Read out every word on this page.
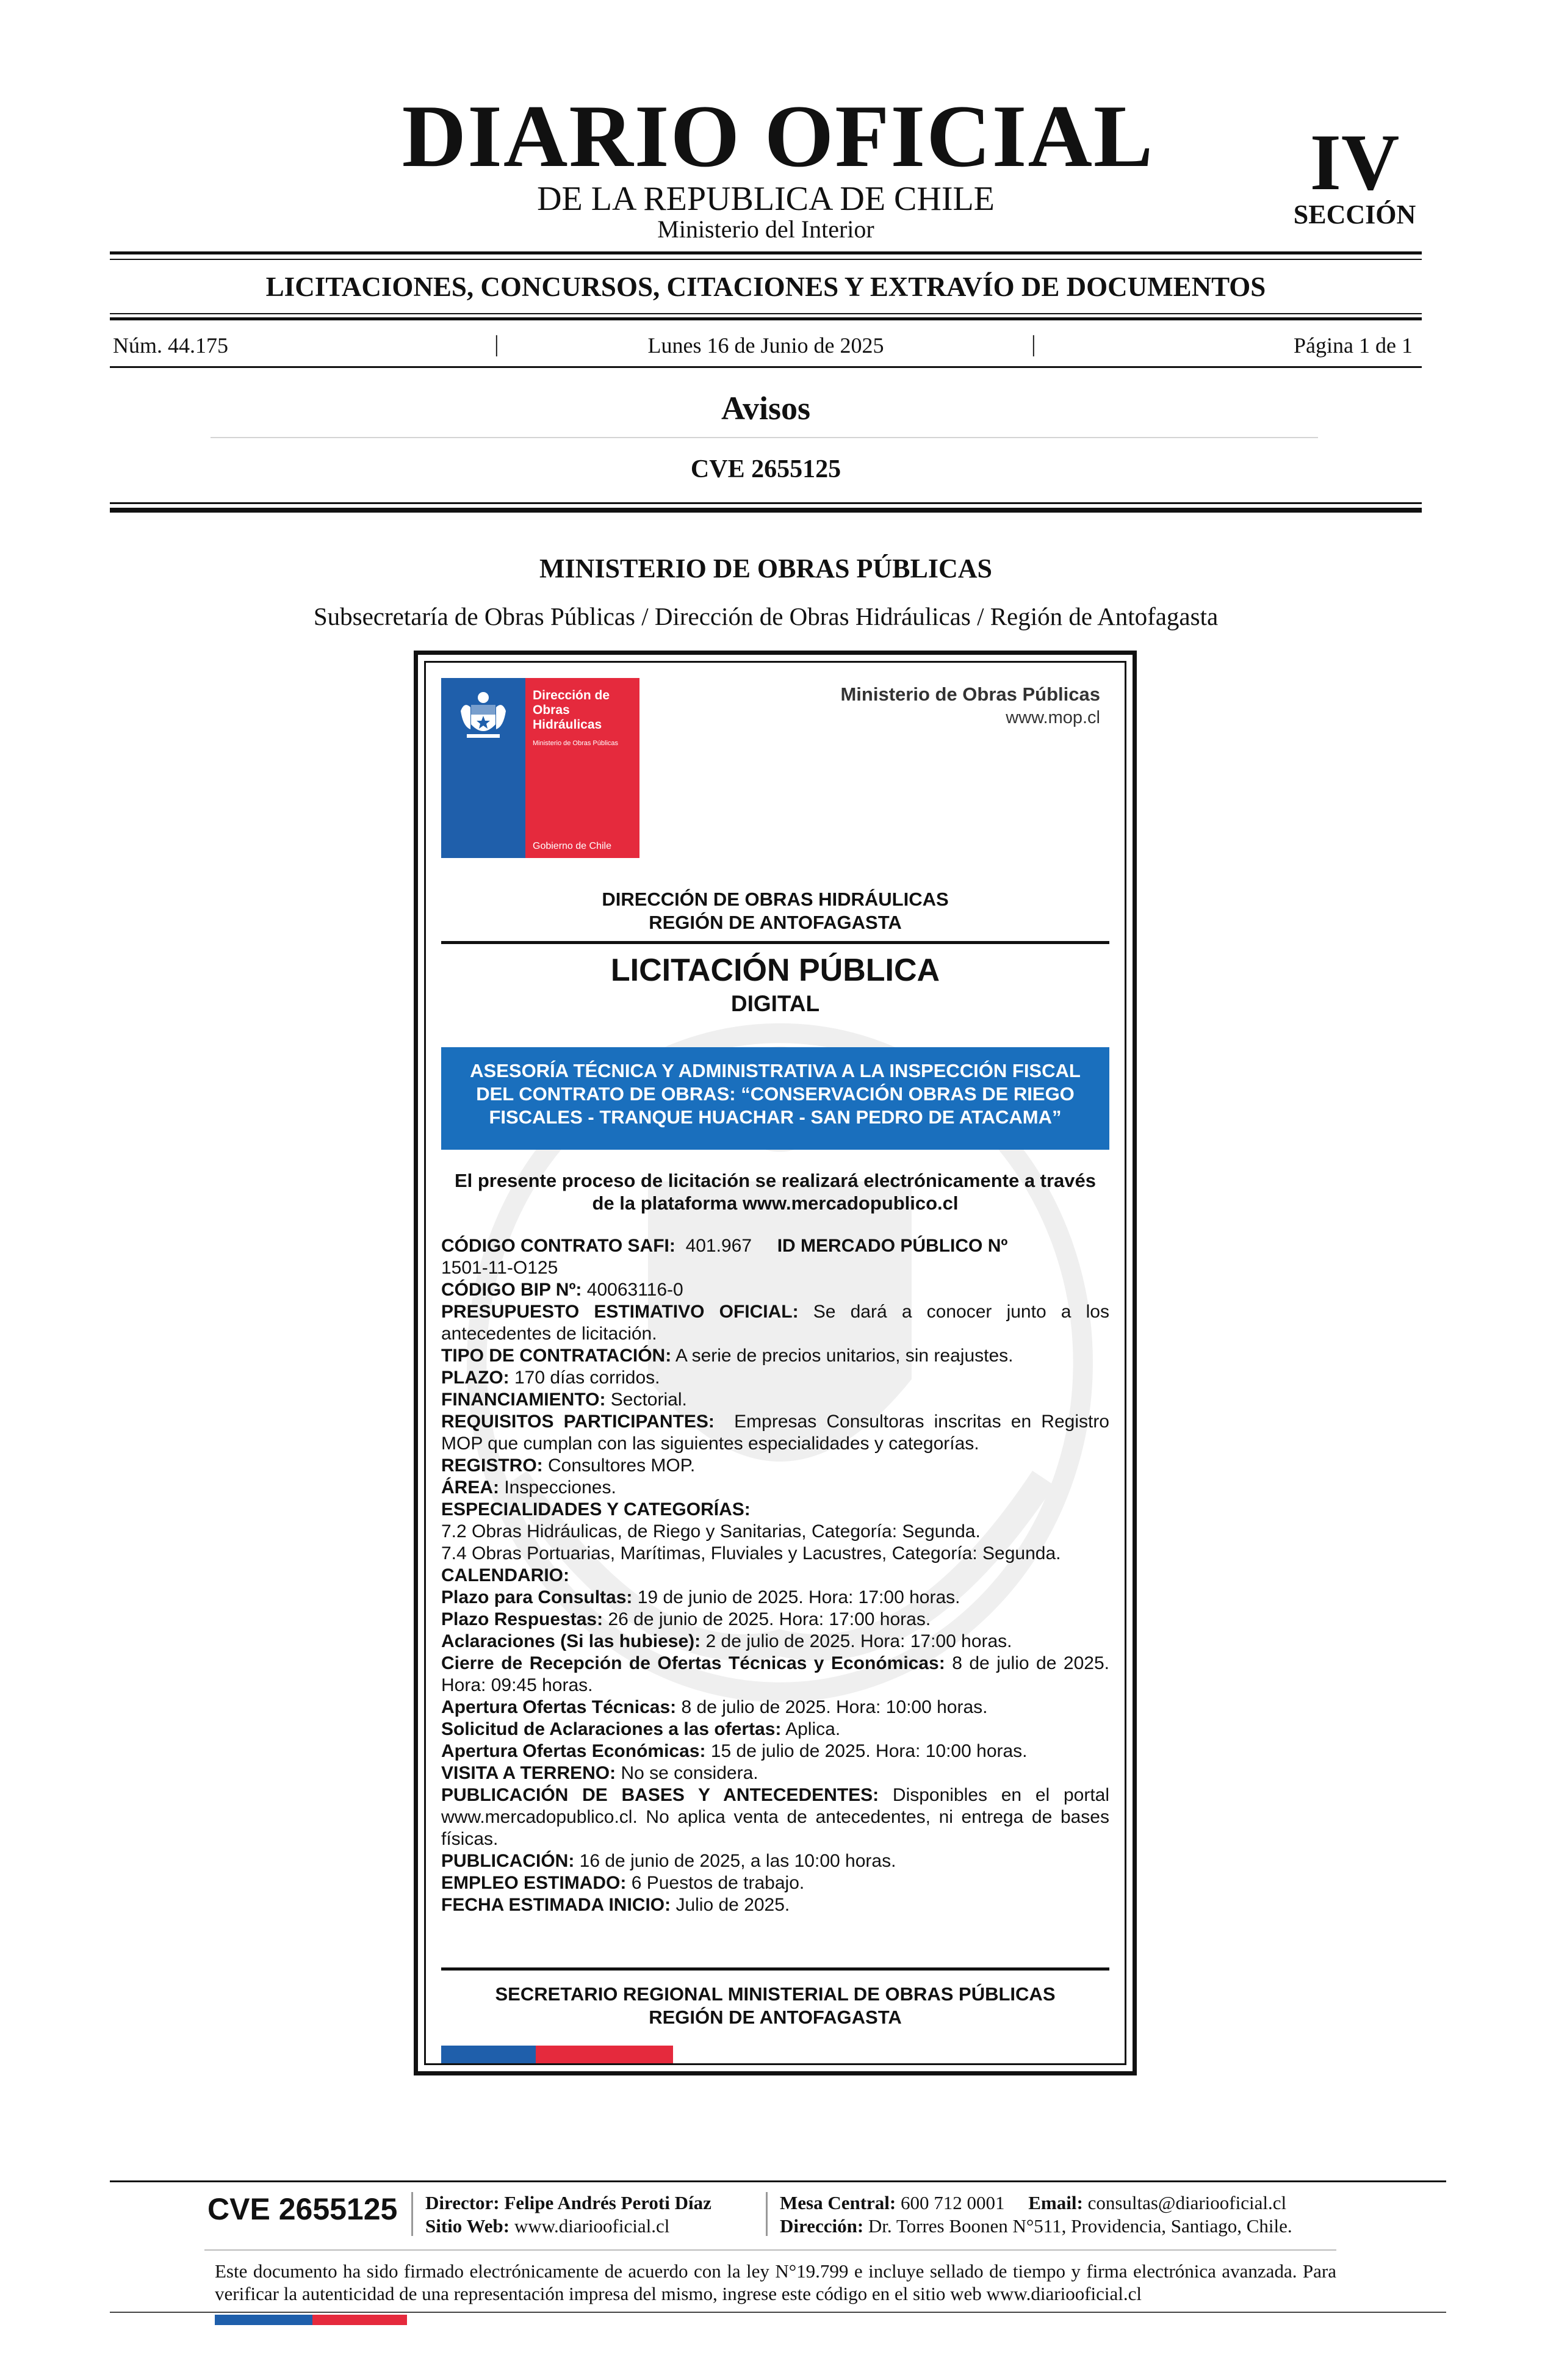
DIARIO OFICIAL
DE LA REPUBLICA DE CHILE
Ministerio del Interior
IV
SECCIÓN
LICITACIONES, CONCURSOS, CITACIONES Y EXTRAVÍO DE DOCUMENTOS
Núm. 44.175	|	Lunes 16 de Junio de 2025	|	Página 1 de 1
Avisos
CVE 2655125
MINISTERIO DE OBRAS PÚBLICAS
Subsecretaría de Obras Públicas / Dirección de Obras Hidráulicas / Región de Antofagasta
Dirección de
Obras
Hidráulicas
Ministerio de Obras Públicas
Gobierno de Chile
Ministerio de Obras Públicas
www.mop.cl
DIRECCIÓN DE OBRAS HIDRÁULICAS
REGIÓN DE ANTOFAGASTA
LICITACIÓN PÚBLICA
DIGITAL
ASESORÍA TÉCNICA Y ADMINISTRATIVA A LA INSPECCIÓN FISCAL
DEL CONTRATO DE OBRAS: “CONSERVACIÓN OBRAS DE RIEGO
FISCALES - TRANQUE HUACHAR - SAN PEDRO DE ATACAMA”
El presente proceso de licitación se realizará electrónicamente a través de la plataforma www.mercadopublico.cl

CÓDIGO CONTRATO SAFI: 401.967 ID MERCADO PÚBLICO Nº

1501-11-O125

CÓDIGO BIP Nº: 40063116-0

PRESUPUESTO ESTIMATIVO OFICIAL: Se dará a conocer junto a los antecedentes de licitación.

TIPO DE CONTRATACIÓN: A serie de precios unitarios, sin reajustes.

PLAZO: 170 días corridos.

FINANCIAMIENTO: Sectorial.

REQUISITOS PARTICIPANTES: Empresas Consultoras inscritas en Registro MOP que cumplan con las siguientes especialidades y categorías.

REGISTRO: Consultores MOP.

ÁREA: Inspecciones.

ESPECIALIDADES Y CATEGORÍAS:

7.2 Obras Hidráulicas, de Riego y Sanitarias, Categoría: Segunda.

7.4 Obras Portuarias, Marítimas, Fluviales y Lacustres, Categoría: Segunda.

CALENDARIO:

Plazo para Consultas: 19 de junio de 2025. Hora: 17:00 horas.

Plazo Respuestas: 26 de junio de 2025. Hora: 17:00 horas.

Aclaraciones (Si las hubiese): 2 de julio de 2025. Hora: 17:00 horas.

Cierre de Recepción de Ofertas Técnicas y Económicas: 8 de julio de 2025. Hora: 09:45 horas.

Apertura Ofertas Técnicas: 8 de julio de 2025. Hora: 10:00 horas.

Solicitud de Aclaraciones a las ofertas: Aplica.

Apertura Ofertas Económicas: 15 de julio de 2025. Hora: 10:00 horas.

VISITA A TERRENO: No se considera.

PUBLICACIÓN DE BASES Y ANTECEDENTES: Disponibles en el portal www.mercadopublico.cl. No aplica venta de antecedentes, ni entrega de bases físicas.

PUBLICACIÓN: 16 de junio de 2025, a las 10:00 horas.

EMPLEO ESTIMADO: 6 Puestos de trabajo.

FECHA ESTIMADA INICIO: Julio de 2025.

SECRETARIO REGIONAL MINISTERIAL DE OBRAS PÚBLICAS
REGIÓN DE ANTOFAGASTA
CVE 2655125 Director: Felipe Andrés Peroti Díaz
Sitio Web: www.diariooficial.cl
Mesa Central: 600 712 0001 Email: consultas@diariooficial.cl
Dirección: Dr. Torres Boonen N°511, Providencia, Santiago, Chile.
Este documento ha sido firmado electrónicamente de acuerdo con la ley N°19.799 e incluye sellado de tiempo y firma electrónica avanzada. Para verificar la autenticidad de una representación impresa del mismo, ingrese este código en el sitio web www.diariooficial.cl
